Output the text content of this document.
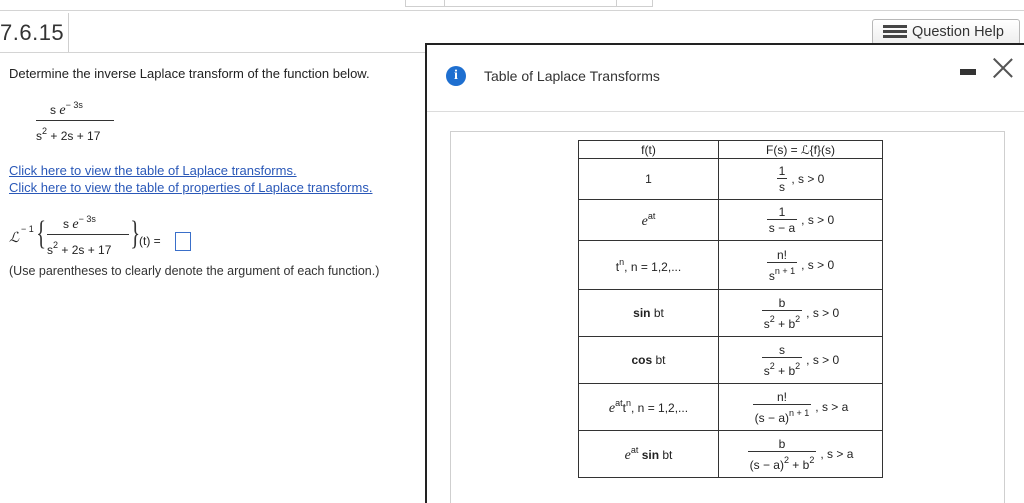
7.6.15	Question Help
Determine the inverse Laplace transform of the function below.
s $e^{- 3s}$
$s^2 + 2s + 17$
Click here to view the table of Laplace transforms.
Click here to view the table of properties of Laplace transforms.
ℒ
− 1 { s $e^{- 3s}$
$s^2 + 2s + 17$ }
(t) =
(Use parentheses to clearly denote the argument of each function.)
i	Table of Laplace Transforms
f(t)	F(s) = ℒ{f}(s)
1	$\frac{1}{s}$ , s > 0

$e^{at}$	$\frac{1}{s - a}$ , s > 0

$t^n$, n = 1,2,...	n!
$s^{n + 1}$ , s > 0

sin bt	b
$s^2 + b^2$ , s > 0

cos bt	s
$s^2 + b^2$ , s > 0

$e^{at}t^n$, n = 1,2,...	n!
$(s - a)^{n + 1}$ , s > a

$e^{at}$ sin bt	b
$(s - a)^2 + b^2$ , s > a
